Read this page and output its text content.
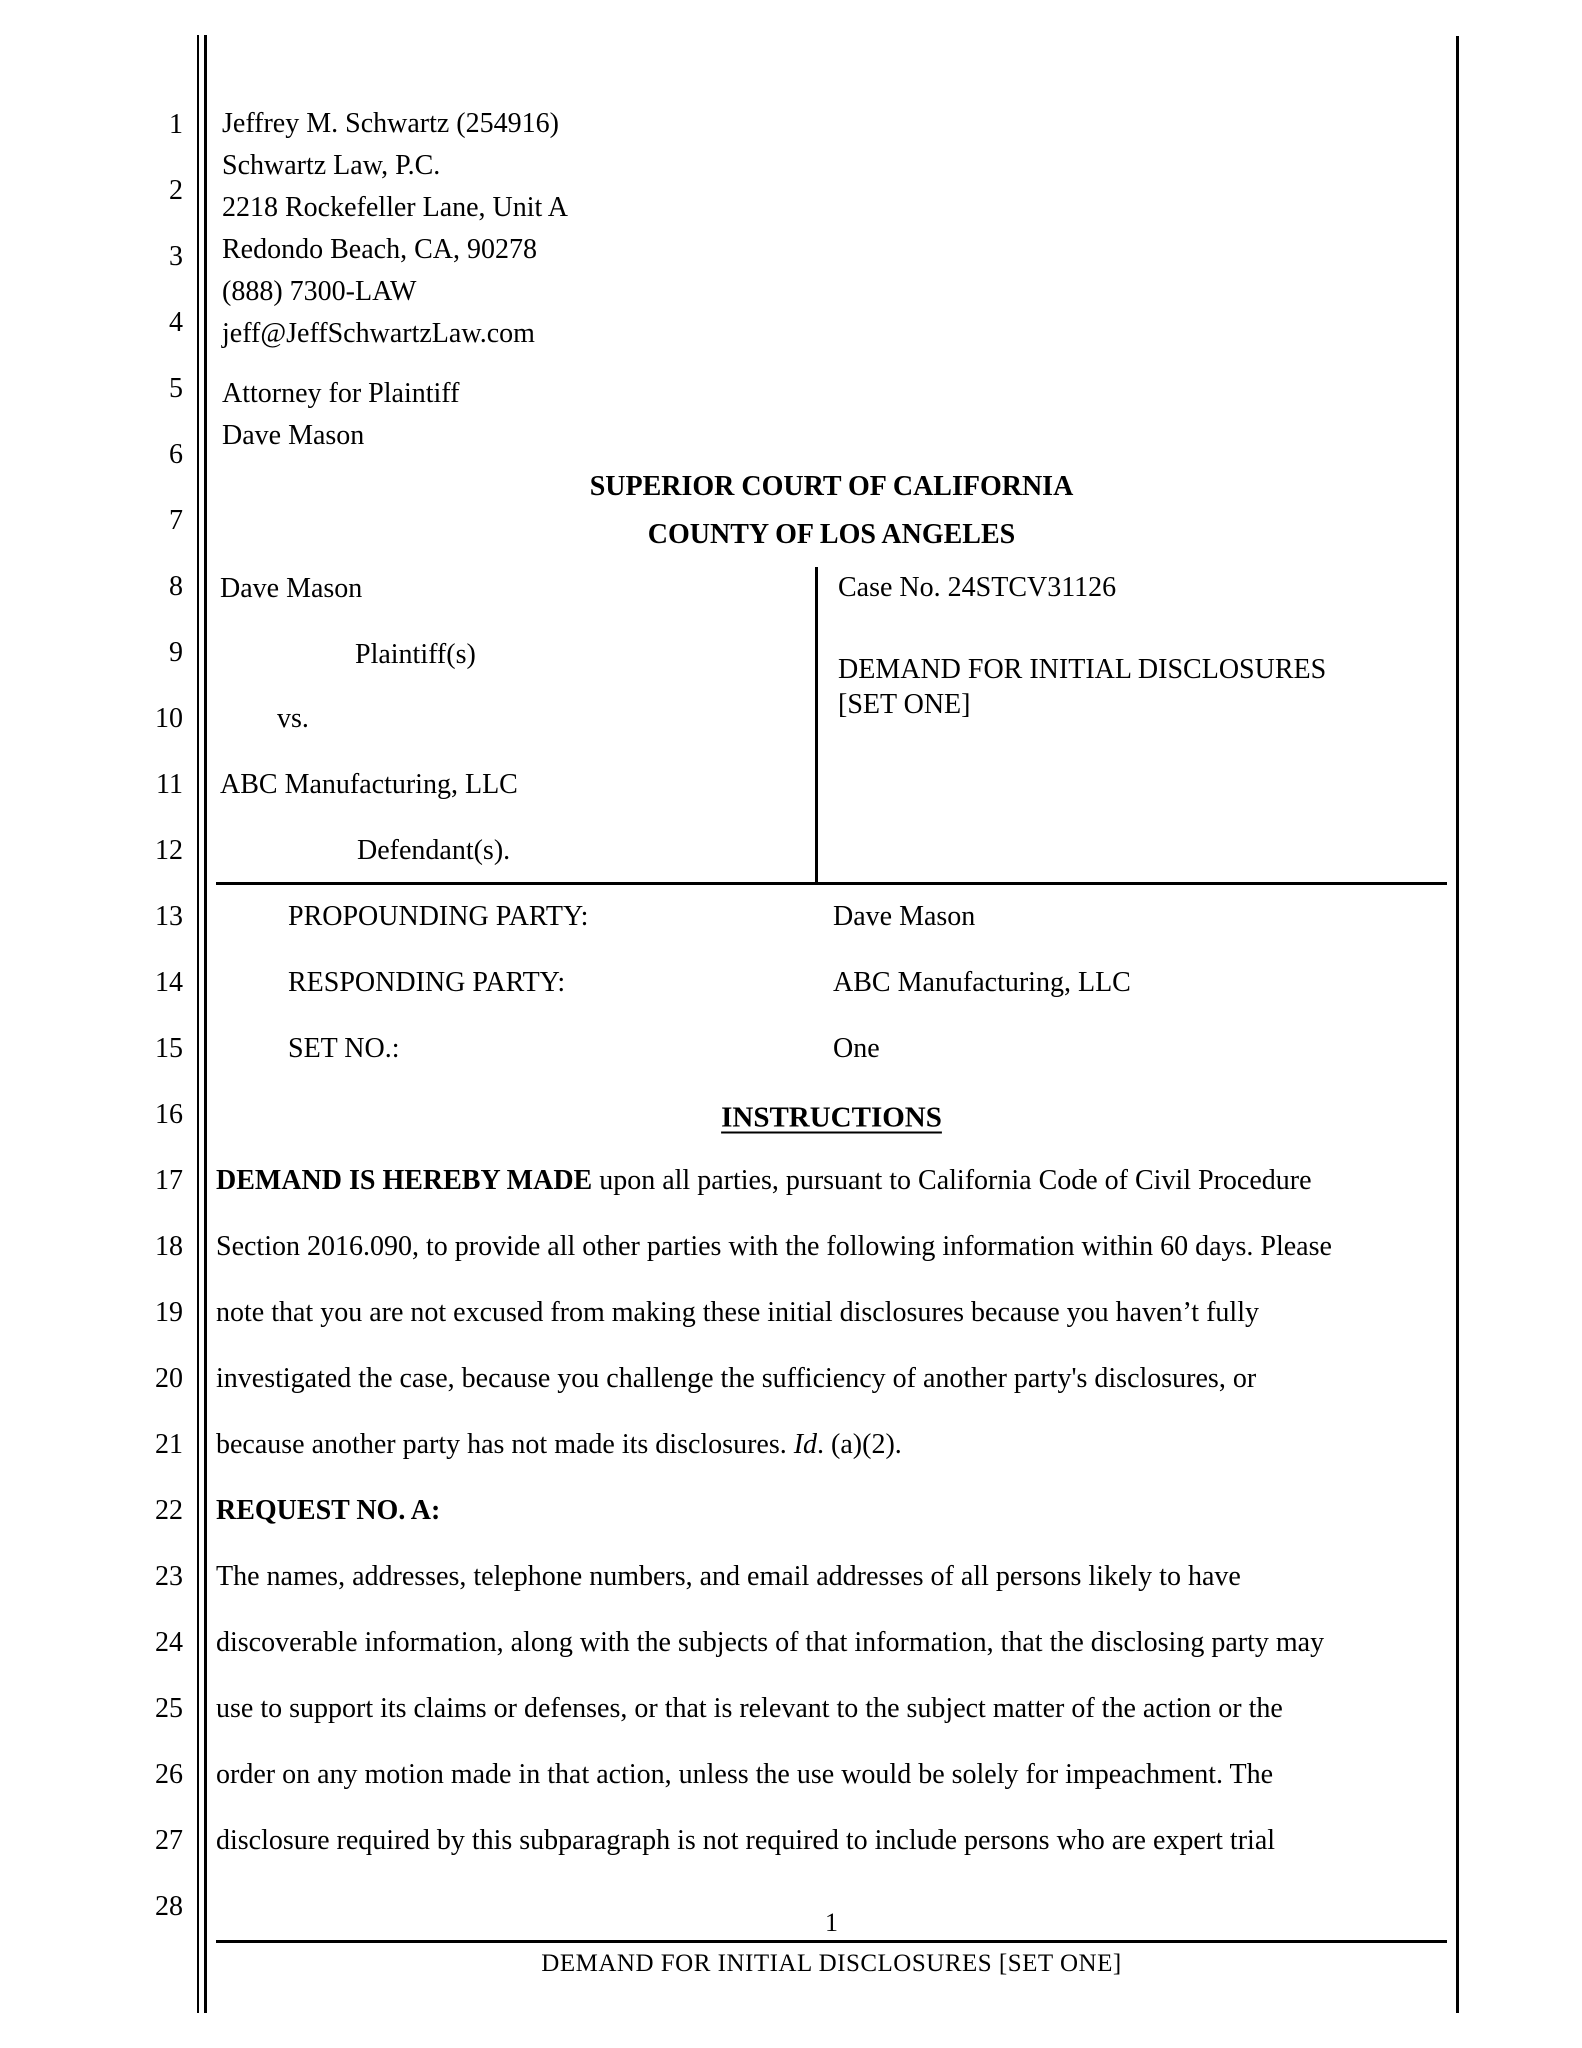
1
2
3
4
5
6
7
8
9
10
11
12
13
14
15
16
17
18
19
20
21
22
23
24
25
26
27
28
Jeffrey M. Schwartz (254916)
Schwartz Law, P.C.
2218 Rockefeller Lane, Unit A
Redondo Beach, CA, 90278
(888) 7300-LAW
jeff@JeffSchwartzLaw.com
Attorney for Plaintiff
Dave Mason
SUPERIOR COURT OF CALIFORNIA
COUNTY OF LOS ANGELES
Dave Mason
Plaintiff(s)
vs.
ABC Manufacturing, LLC
Defendant(s).
Case No. 24STCV31126
DEMAND FOR INITIAL DISCLOSURES
[SET ONE]
PROPOUNDING PARTY:	Dave Mason
RESPONDING PARTY:	ABC Manufacturing, LLC
SET NO.:	One
INSTRUCTIONS
DEMAND IS HEREBY MADE upon all parties, pursuant to California Code of Civil Procedure
Section 2016.090, to provide all other parties with the following information within 60 days. Please
note that you are not excused from making these initial disclosures because you haven’t fully
investigated the case, because you challenge the sufficiency of another party's disclosures, or
because another party has not made its disclosures. Id. (a)(2).
REQUEST NO. A:
The names, addresses, telephone numbers, and email addresses of all persons likely to have
discoverable information, along with the subjects of that information, that the disclosing party may
use to support its claims or defenses, or that is relevant to the subject matter of the action or the
order on any motion made in that action, unless the use would be solely for impeachment. The
disclosure required by this subparagraph is not required to include persons who are expert trial
1
DEMAND FOR INITIAL DISCLOSURES [SET ONE]
